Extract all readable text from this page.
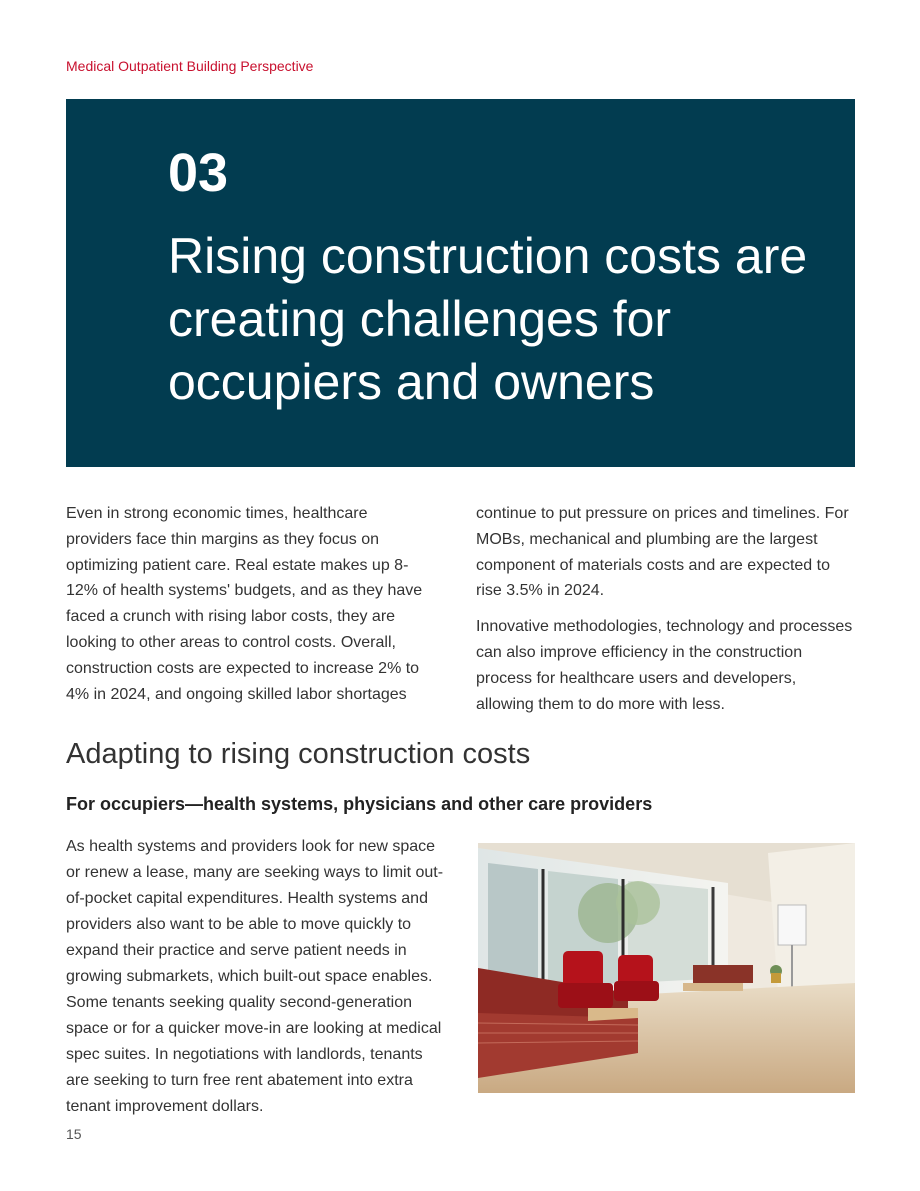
Medical Outpatient Building Perspective
03
Rising construction costs are creating challenges for occupiers and owners

Even in strong economic times, healthcare providers face thin margins as they focus on optimizing patient care. Real estate makes up 8-12% of health systems' budgets, and as they have faced a crunch with rising labor costs, they are looking to other areas to control costs. Overall, construction costs are expected to increase 2% to 4% in 2024, and ongoing skilled labor shortages

continue to put pressure on prices and timelines. For MOBs, mechanical and plumbing are the largest component of materials costs and are expected to rise 3.5% in 2024.

Innovative methodologies, technology and processes can also improve efficiency in the construction process for healthcare users and developers, allowing them to do more with less.

Adapting to rising construction costs
For occupiers—health systems, physicians and other care providers

As health systems and providers look for new space or renew a lease, many are seeking ways to limit out-of-pocket capital expenditures. Health systems and providers also want to be able to move quickly to expand their practice and serve patient needs in growing submarkets, which built-out space enables. Some tenants seeking quality second-generation space or for a quicker move-in are looking at medical spec suites. In negotiations with landlords, tenants are seeking to turn free rent abatement into extra tenant improvement dollars.

15
